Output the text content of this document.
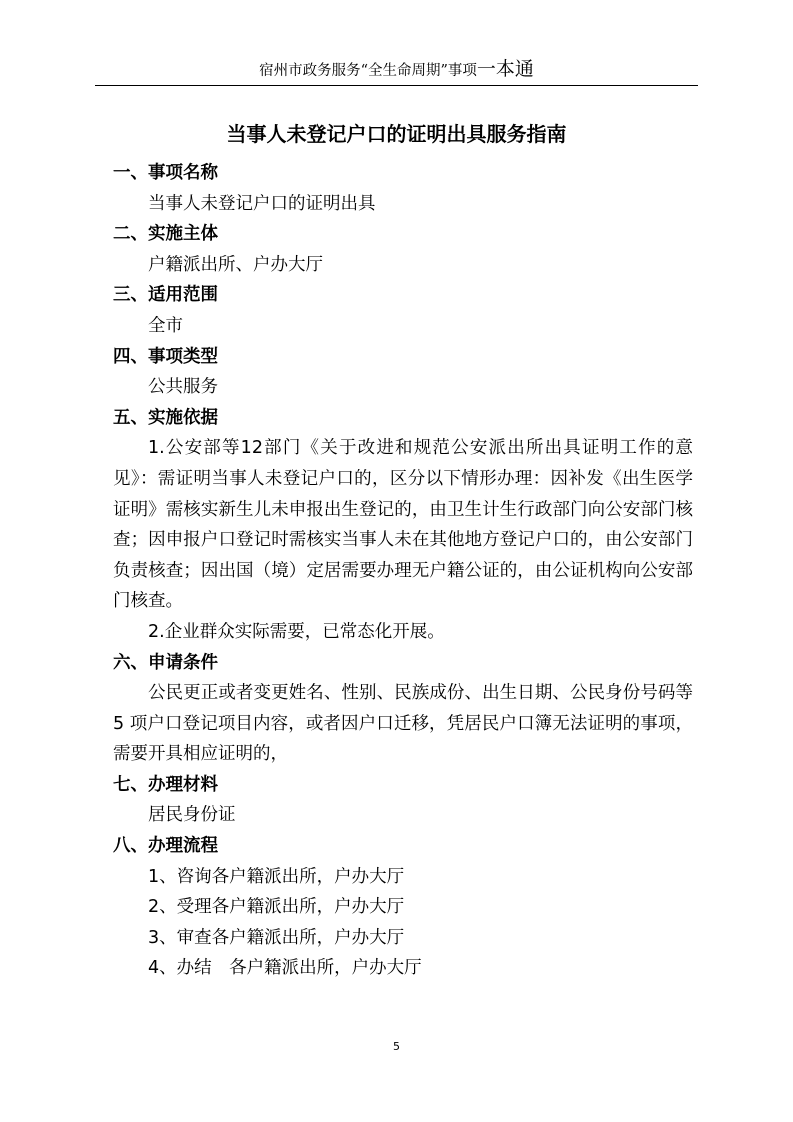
宿州市政务服务“全生命周期”事项一本通
当事人未登记户口的证明出具服务指南

一、事项名称

当事人未登记户口的证明出具

二、实施主体

户籍派出所、户办大厅

三、适用范围

全市

四、事项类型

公共服务

五、实施依据

1.公安部等12部门《关于改进和规范公安派出所出具证明工作的意见》：需证明当事人未登记户口的，区分以下情形办理：因补发《出生医学证明》需核实新生儿未申报出生登记的，由卫生计生行政部门向公安部门核查；因申报户口登记时需核实当事人未在其他地方登记户口的，由公安部门负责核查；因出国（境）定居需要办理无户籍公证的，由公证机构向公安部门核查。

2.企业群众实际需要，已常态化开展。

六、申请条件

公民更正或者变更姓名、性别、民族成份、出生日期、公民身份号码等 5 项户口登记项目内容，或者因户口迁移，凭居民户口簿无法证明的事项，需要开具相应证明的，

七、办理材料

居民身份证

八、办理流程

1、咨询各户籍派出所，户办大厅

2、受理各户籍派出所，户办大厅

3、审查各户籍派出所，户办大厅

4、办结　各户籍派出所，户办大厅

5
